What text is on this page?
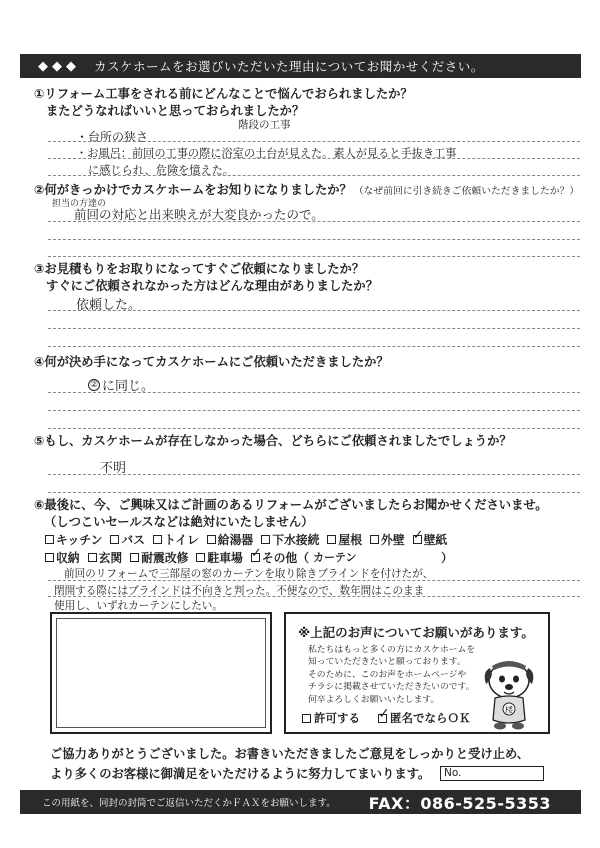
◆◆◆ カスケホームをお選びいただいた理由についてお聞かせください。
①リフォーム工事をされる前にどんなことで悩んでおられましたか？
またどうなればいいと思っておられましたか？
階段の工事
・台所の狭さ
・お風呂：前回の工事の際に浴室の土台が見えた。素人が見ると手抜き工事
に感じられ、危険を憶えた。
②何がきっかけでカスケホームをお知りになりましたか？ （なぜ前回に引き続きご依頼いただきましたか？）
担当の方達の
前回の対応と出来映えが大変良かったので。
③お見積もりをお取りになってすぐご依頼になりましたか？
すぐにご依頼されなかった方はどんな理由がありましたか？
依頼した。
④何が決め手になってカスケホームにご依頼いただきましたか？
② に同じ。
⑤もし、カスケホームが存在しなかった場合、どちらにご依頼されましたでしょうか？
不明
⑥最後に、今、ご興味又はご計画のあるリフォームがございましたらお聞かせくださいませ。
（しつこいセールスなどは絶対にいたしません）
キッチン バス トイレ 給湯器 下水接続 屋根 外壁 ✓ 壁紙
収納 玄関 耐震改修 駐車場 ✓ その他（ カーテン	）
前回のリフォームで三部屋の窓のカーテンを取り除きブラインドを付けたが、
閉開する際にはブラインドは不向きと判った。不便なので、数年間はこのまま
使用し、いずれカーテンにしたい。
※上記のお声についてお願いがあります。
私たちはもっと多くの方にカスケホームを
知っていただきたいと願っております。
そのために、このお声をホームページや
チラシに掲載させていただきたいのです。
何卒よろしくお願いいたします。
許可する ✓	匿名でならＯＫ
楼
ご協力ありがとうございました。お書きいただきましたご意見をしっかりと受け止め、
より多くのお客様に御満足をいただけるように努力してまいります。	No.
この用紙を、同封の封筒でご返信いただくかＦＡＸをお願いします。 FAX：086-525-5353
